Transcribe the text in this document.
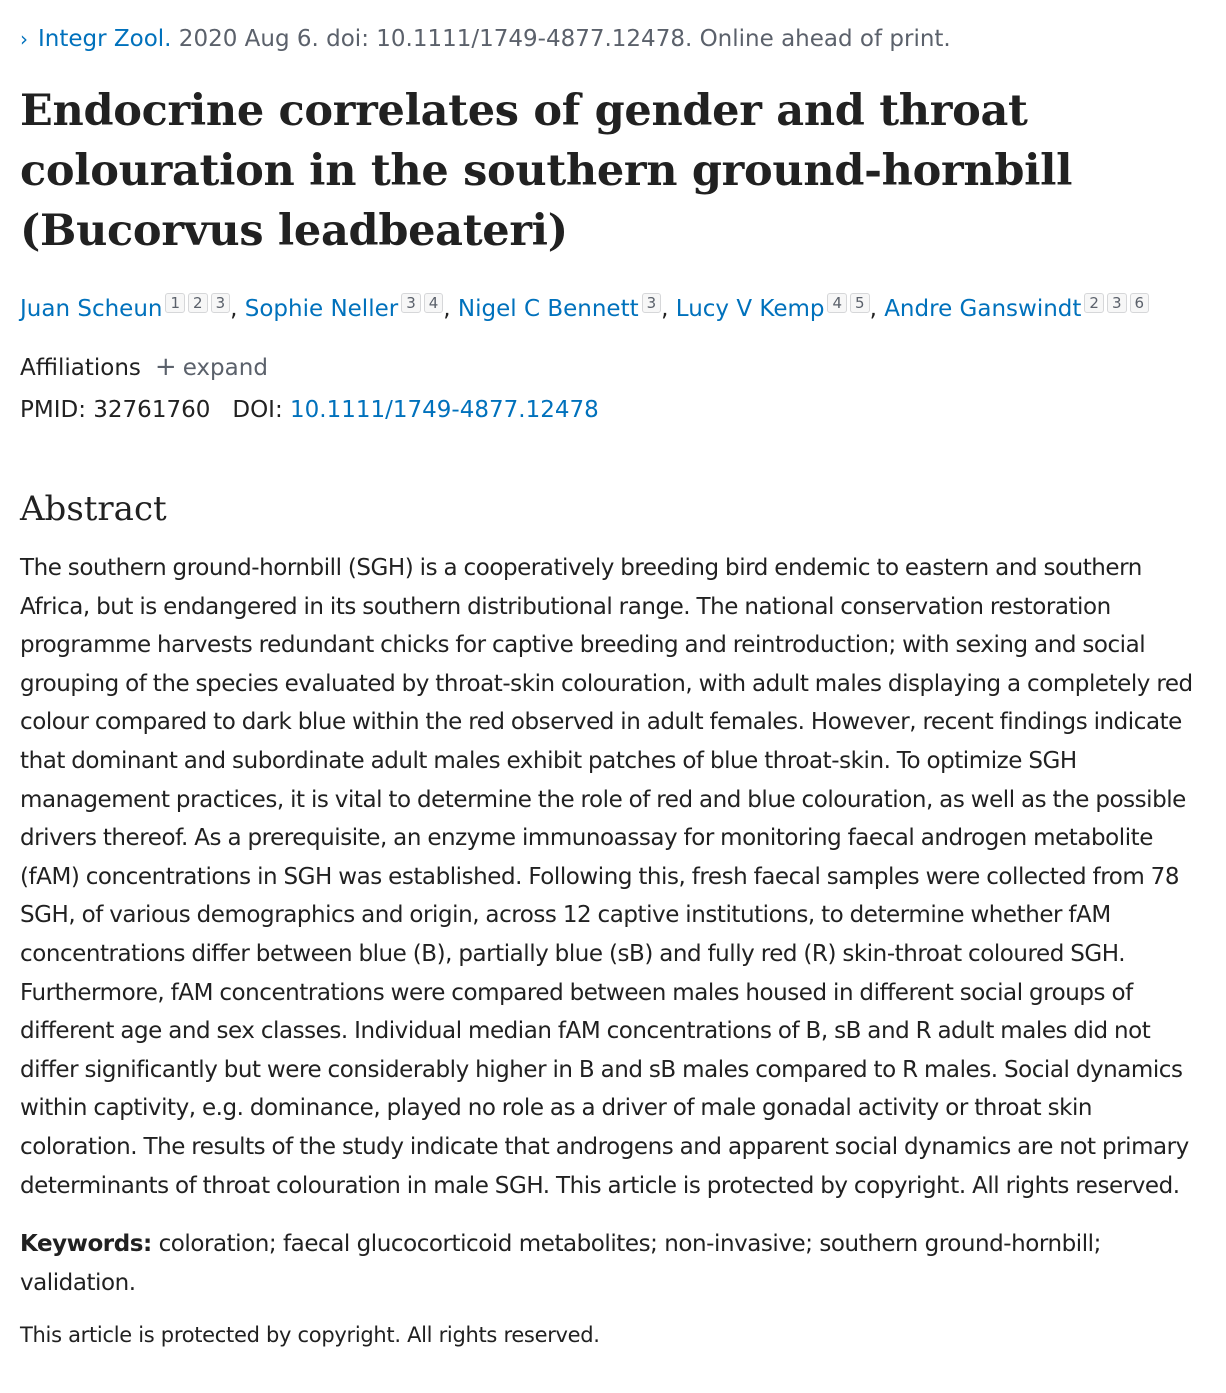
› Integr Zool. 2020 Aug 6. doi: 10.1111/1749-4877.12478. Online ahead of print.
Endocrine correlates of gender and throat colouration in the southern ground-hornbill (Bucorvus leadbeateri)
Juan Scheun 1 2 3 , Sophie Neller 3 4 , Nigel C Bennett 3 , Lucy V Kemp 4 5 , Andre Ganswindt 2 3 6
Affiliations + expand
PMID: 32761760 DOI: 10.1111/1749-4877.12478
Abstract
The southern ground-hornbill (SGH) is a cooperatively breeding bird endemic to eastern and southern Africa, but is endangered in its southern distributional range. The national conservation restoration programme harvests redundant chicks for captive breeding and reintroduction; with sexing and social grouping of the species evaluated by throat-skin colouration, with adult males displaying a completely red colour compared to dark blue within the red observed in adult females. However, recent findings indicate that dominant and subordinate adult males exhibit patches of blue throat-skin. To optimize SGH management practices, it is vital to determine the role of red and blue colouration, as well as the possible drivers thereof. As a prerequisite, an enzyme immunoassay for monitoring faecal androgen metabolite (fAM) concentrations in SGH was established. Following this, fresh faecal samples were collected from 78 SGH, of various demographics and origin, across 12 captive institutions, to determine whether fAM concentrations differ between blue (B), partially blue (sB) and fully red (R) skin-throat coloured SGH. Furthermore, fAM concentrations were compared between males housed in different social groups of different age and sex classes. Individual median fAM concentrations of B, sB and R adult males did not differ significantly but were considerably higher in B and sB males compared to R males. Social dynamics within captivity, e.g. dominance, played no role as a driver of male gonadal activity or throat skin coloration. The results of the study indicate that androgens and apparent social dynamics are not primary determinants of throat colouration in male SGH. This article is protected by copyright. All rights reserved.
Keywords: coloration; faecal glucocorticoid metabolites; non-invasive; southern ground-hornbill; validation.
This article is protected by copyright. All rights reserved.
